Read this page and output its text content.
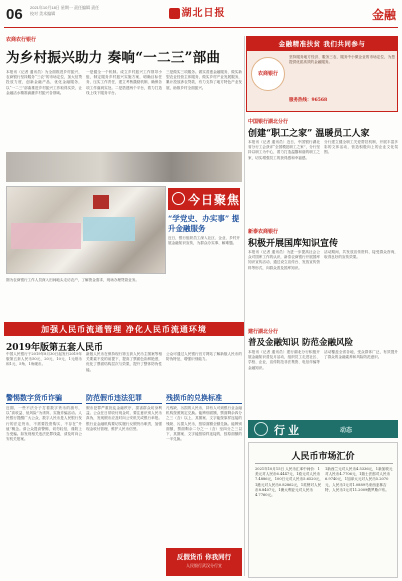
06 2021年10月18日 星期一 责任编辑 责任校对 美术编辑	湖北日报	金融
农商农行银行
为乡村振兴助力 奏响“一二三”部曲
本报讯（记者 通讯员）为全面推进乡村振兴，农商银行坚持服务“三农”的市场定位，加大信贷投放力度，创新金融产品，优化金融服务，以“一二三”部曲推进乡村振兴工作取得实效，让金融活水精准滴灌乡村振兴各领域。
一是健全一个机制。成立乡村振兴工作领导小组，制定服务乡村振兴实施方案，明确目标任务，压实工作责任，建立考核激励机制，确保各项工作落到实处。二是搭建两个平台，着力打造线上线下服务平台。
三是做实三项服务。做实普惠金融服务，做实新型农业经营主体服务，做实乡村产业发展服务，累计投放涉农贷款，有力支持了地方特色产业发展，助推乡村全面振兴。
今日聚焦
“学党史、办实事” 提升金融服务
近日，银行组织员工深入社区、企业、乡村开展金融知识宣传，为群众办实事、解难题。
图为农商银行工作人员深入田间地头走访农户，了解资金需求，现场办理贷款业务。
金融精准扶贫 我们共同参与
农商银行
坚持服务地方经济、服务三农、服务中小微企业的市场定位，为您提供优质高效的金融服务。
服务热线：96568
中国银行湖北分行
创建“职工之家” 温暖员工人家
本报讯（记者 通讯员）近日，中国银行湖北省分行工会获评“全国模范职工之家”，分行坚持以职工为中心，着力打造温馨和谐的职工之家，切实增强员工的获得感和幸福感。
分行建立健全职工关爱帮扶机制，开展丰富多彩的文体活动，营造积极向上的企业文化氛围。
新泰农商银行
积极开展国库知识宣传
本报讯（记者 通讯员）为进一步提高社会公众对国库工作的认识，新泰农商银行开展国库知识宣传活动，通过设立宣传台、发放宣传资料等形式，向群众普及国库知识。
活动期间，共发放宣传资料，接受群众咨询，取得良好的宣传效果。
建行湖北分行
普及金融知识 防范金融风险
本报讯（记者 通讯员）建行湖北分行积极开展金融知识普及月活动，组织员工走进社区、学校、企业，宣传防范非法集资、电信诈骗等金融知识。
活动覆盖全省各地，受众群体广泛，有效提升了群众的金融素养和风险防范意识。
行业	动态
人民币市场汇价
2021年10月15日 人民币汇率中间价：1美元对人民币6.4447元，1欧元对人民币7.4886元，100日元对人民币5.6520元，1港元对人民币0.82862元，1英镑对人民币8.8407元，1澳大利亚元对人民币4.7760元。
1新西兰元对人民币4.5336元，1新加坡元对人民币4.7706元，1瑞士法郎对人民币6.9740元，1加拿大元对人民币5.2070元，人民币1元对1.0889马来西亚林吉特，人民币1元对11.2009俄罗斯卢布。
加强人民币流通管理 净化人民币流通环境
2019年版第五套人民币
中国人民银行于2019年8月30日起发行2019年版第五套人民币50元、20元、10元、1元纸币和1元、5角、1角硬币。
新版人民币在保持现行第五套人民币主图案等相关要素不变的前提下，提高了票面色彩鲜艳度，优化了票面结构层次与效果，提升了整体防伪性能。
公众可通过人民银行官方网站了解新版人民币的防伪特征，增强识别能力。
警惕数字货币诈骗	防范假币违法犯罪	残损币的兑换标准
近期，一些不法分子打着数字货币的旗号，以“高收益、低风险”为诱饵，实施诈骗活动。人民银行提醒广大公众，数字人民币是人民银行发行的法定货币，不需要投资购买，不存在“升值”概念。请公众提高警惕，切勿轻信，谨防上当受骗。如发现相关违法犯罪线索，请及时向公安机关报案。
假币犯罪严重扰乱金融秩序，损害群众切身利益。公众在日常收付现金时，要注意识别人民币真伪，发现假币应及时向公安机关或银行举报。银行业金融机构要切实履行反假货币职责，加强现金收付管理，维护人民币信誉。
凡残缺、污损的人民币，持有人可到银行业金融机构按照规定兑换。能辨别面额，票面剩余四分之三（含）以上，其图案、文字能按原样连接的残缺、污损人民币，按原面额全额兑换。能辨别面额，票面剩余二分之一（含）至四分之三以下，其图案、文字能按原样连接的，按原面额的一半兑换。
反假货币 你我同行
人民银行武汉分行宣
